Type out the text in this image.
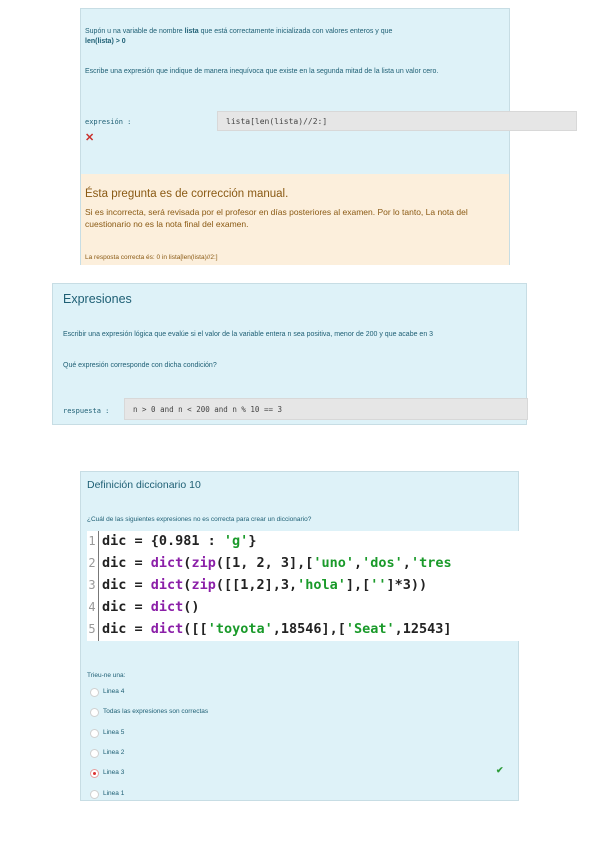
Supón u na variable de nombre lista que está correctamente inicializada con valores enteros y que
len(lista) > 0
Escribe una expresión que indique de manera inequívoca que existe en la segunda mitad de la lista un valor cero.
expresión :	lista[len(lista)//2:]
✕
Ésta pregunta es de corrección manual.
Si es incorrecta, será revisada por el profesor en días posteriores al examen. Por lo tanto, La nota del cuestionario no es la nota final del examen.
La resposta correcta és: 0 in lista[len(lista)//2:]
Expresiones
Escribir una expresión lógica que evalúe si el valor de la variable entera n sea positiva, menor de 200 y que acabe en 3
Qué expresión corresponde con dicha condición?
respuesta :	n > 0 and n < 200 and n % 10 == 3
Definición diccionario 10
¿Cuál de las siguientes expresiones no es correcta para crear un diccionario?
1 dic = {0.981 : 'g'}
2 dic = dict(zip([1, 2, 3],['uno','dos','tres
3 dic = dict(zip([[1,2],3,'hola'],['']*3))
4 dic = dict()
5 dic = dict([['toyota',18546],['Seat',12543]
Trieu-ne una:
✔
Linea 4
Todas las expresiones son correctas
Linea 5
Linea 2
Linea 3
Linea 1
